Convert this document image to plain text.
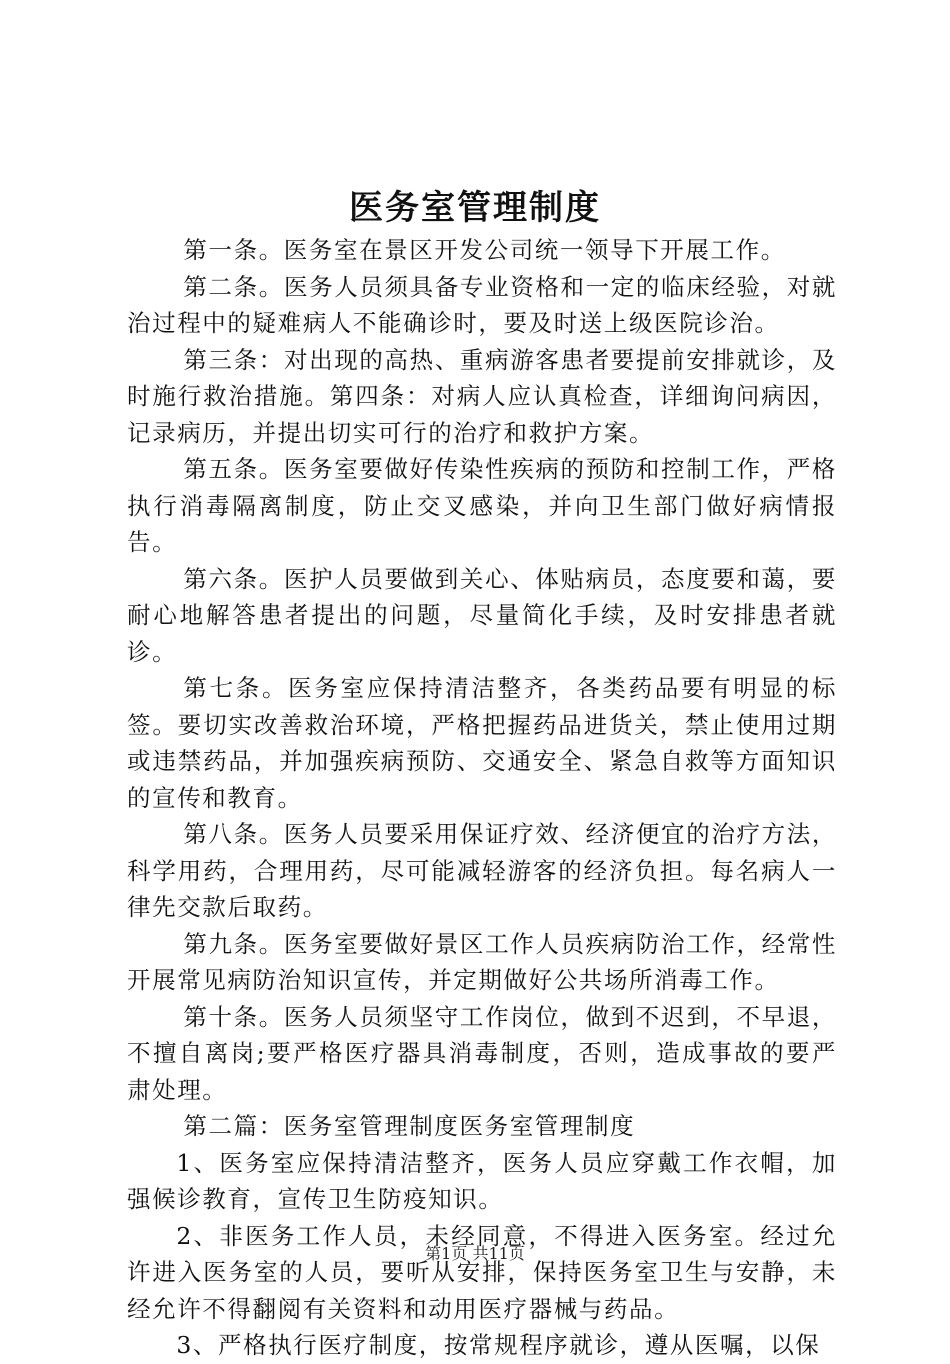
医务室管理制度

第一条。医务室在景区开发公司统一领导下开展工作。

第二条。医务人员须具备专业资格和一定的临床经验，对就治过程中的疑难病人不能确诊时，要及时送上级医院诊治。

第三条：对出现的高热、重病游客患者要提前安排就诊，及时施行救治措施。第四条：对病人应认真检查，详细询问病因，记录病历，并提出切实可行的治疗和救护方案。

第五条。医务室要做好传染性疾病的预防和控制工作，严格执行消毒隔离制度，防止交叉感染，并向卫生部门做好病情报告。

第六条。医护人员要做到关心、体贴病员，态度要和蔼，要耐心地解答患者提出的问题，尽量简化手续，及时安排患者就诊。

第七条。医务室应保持清洁整齐，各类药品要有明显的标签。要切实改善救治环境，严格把握药品进货关，禁止使用过期或违禁药品，并加强疾病预防、交通安全、紧急自救等方面知识的宣传和教育。

第八条。医务人员要采用保证疗效、经济便宜的治疗方法，科学用药，合理用药，尽可能减轻游客的经济负担。每名病人一律先交款后取药。

第九条。医务室要做好景区工作人员疾病防治工作，经常性开展常见病防治知识宣传，并定期做好公共场所消毒工作。

第十条。医务人员须坚守工作岗位，做到不迟到，不早退，不擅自离岗;要严格医疗器具消毒制度，否则，造成事故的要严肃处理。

第二篇：医务室管理制度医务室管理制度

1、医务室应保持清洁整齐，医务人员应穿戴工作衣帽，加强候诊教育，宣传卫生防疫知识。

2、非医务工作人员，未经同意，不得进入医务室。经过允许进入医务室的人员，要听从安排，保持医务室卫生与安静，未经允许不得翻阅有关资料和动用医疗器械与药品。

3、严格执行医疗制度，按常规程序就诊，遵从医嘱，以保

第1页 共11页
